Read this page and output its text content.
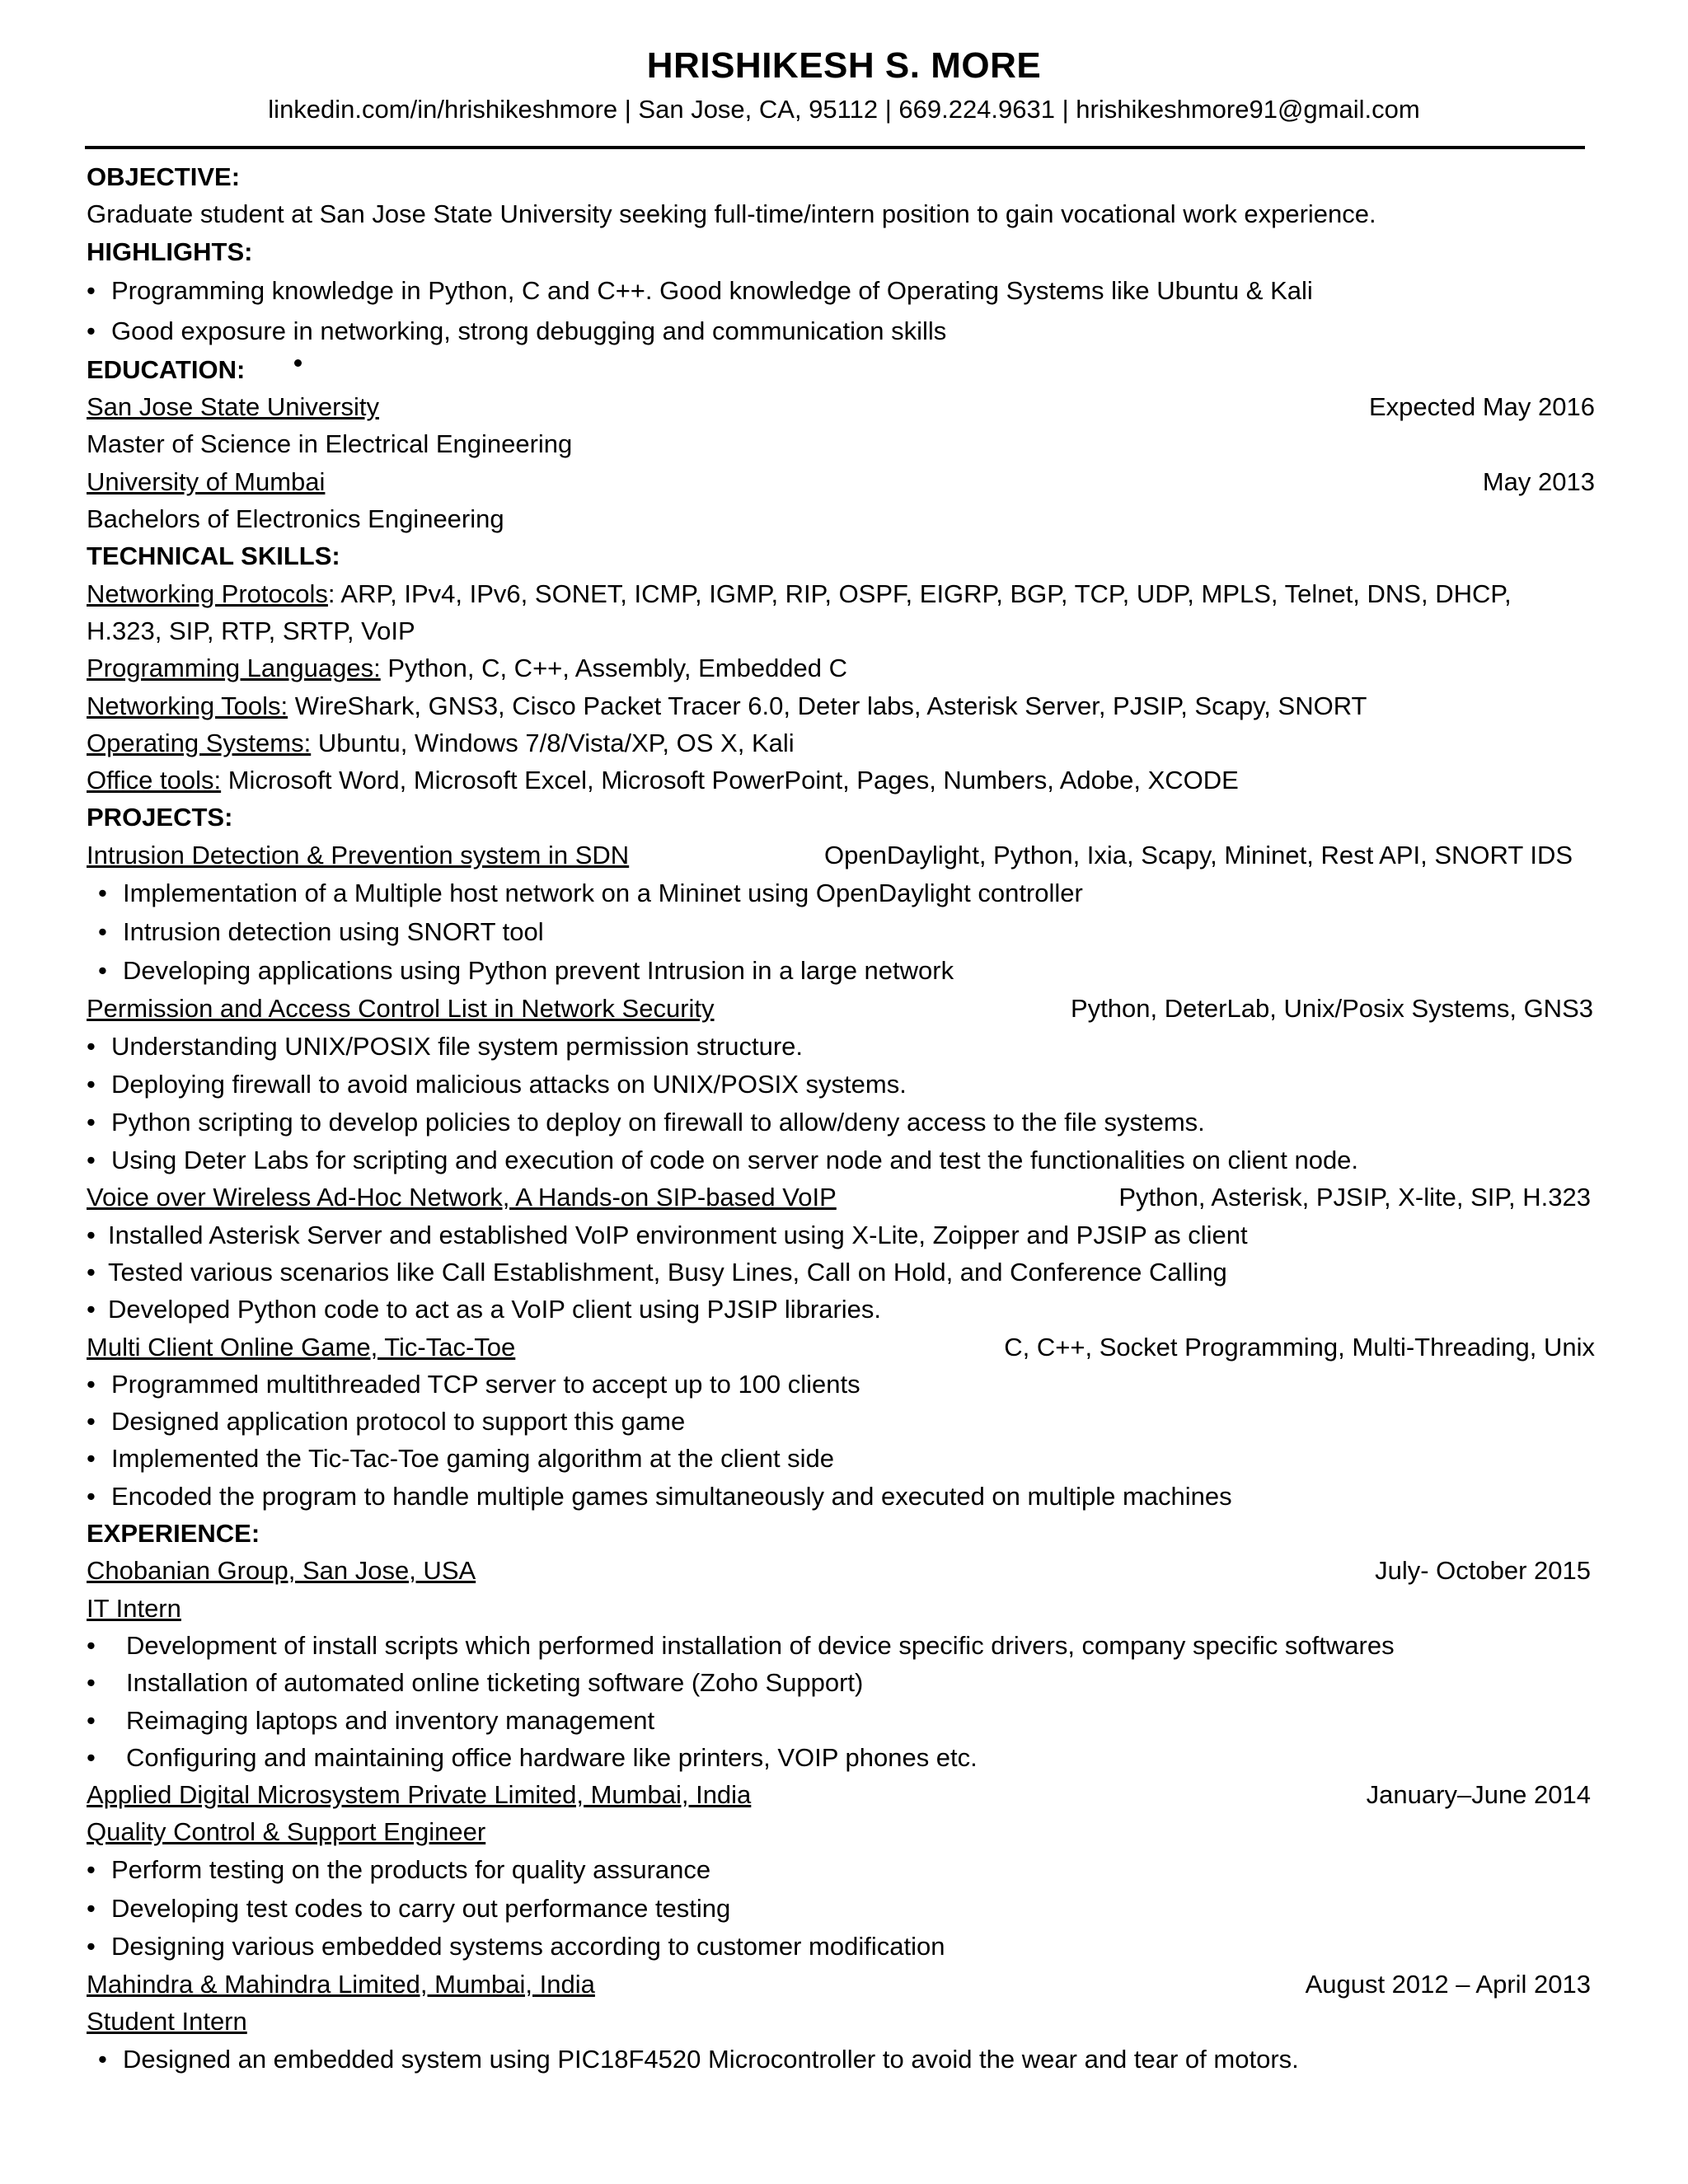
HRISHIKESH S. MORE
linkedin.com/in/hrishikeshmore | San Jose, CA, 95112 | 669.224.9631 | hrishikeshmore91@gmail.com
OBJECTIVE:
Graduate student at San Jose State University seeking full-time/intern position to gain vocational work experience.
HIGHLIGHTS:
• Programming knowledge in Python, C and C++. Good knowledge of Operating Systems like Ubuntu & Kali
• Good exposure in networking, strong debugging and communication skills
EDUCATION:
San Jose State University	Expected May 2016
Master of Science in Electrical Engineering
University of Mumbai	May 2013
Bachelors of Electronics Engineering
TECHNICAL SKILLS:
Networking Protocols : ARP, IPv4, IPv6, SONET, ICMP, IGMP, RIP, OSPF, EIGRP, BGP, TCP, UDP, MPLS, Telnet, DNS, DHCP,
H.323, SIP, RTP, SRTP, VoIP
Programming Languages: Python, C, C++, Assembly, Embedded C
Networking Tools: WireShark, GNS3, Cisco Packet Tracer 6.0, Deter labs, Asterisk Server, PJSIP, Scapy, SNORT
Operating Systems: Ubuntu, Windows 7/8/Vista/XP, OS X, Kali
Office tools: Microsoft Word, Microsoft Excel, Microsoft PowerPoint, Pages, Numbers, Adobe, XCODE
PROJECTS:
Intrusion Detection & Prevention system in SDN	OpenDaylight, Python, Ixia, Scapy, Mininet, Rest API, SNORT IDS
• Implementation of a Multiple host network on a Mininet using OpenDaylight controller
• Intrusion detection using SNORT tool
• Developing applications using Python prevent Intrusion in a large network
Permission and Access Control List in Network Security	Python, DeterLab, Unix/Posix Systems, GNS3
• Understanding UNIX/POSIX file system permission structure.
• Deploying firewall to avoid malicious attacks on UNIX/POSIX systems.
• Python scripting to develop policies to deploy on firewall to allow/deny access to the file systems.
• Using Deter Labs for scripting and execution of code on server node and test the functionalities on client node.
Voice over Wireless Ad-Hoc Network, A Hands-on SIP-based VoIP	Python, Asterisk, PJSIP, X-lite, SIP, H.323
• Installed Asterisk Server and established VoIP environment using X-Lite, Zoipper and PJSIP as client
• Tested various scenarios like Call Establishment, Busy Lines, Call on Hold, and Conference Calling
• Developed Python code to act as a VoIP client using PJSIP libraries.
Multi Client Online Game, Tic-Tac-Toe	C, C++, Socket Programming, Multi-Threading, Unix
• Programmed multithreaded TCP server to accept up to 100 clients
• Designed application protocol to support this game
• Implemented the Tic-Tac-Toe gaming algorithm at the client side
• Encoded the program to handle multiple games simultaneously and executed on multiple machines
EXPERIENCE:
Chobanian Group, San Jose, USA	July- October 2015
IT Intern
•	Development of install scripts which performed installation of device specific drivers, company specific softwares
•	Installation of automated online ticketing software (Zoho Support)
•	Reimaging laptops and inventory management
•	Configuring and maintaining office hardware like printers, VOIP phones etc.
Applied Digital Microsystem Private Limited, Mumbai, India	January–June 2014
Quality Control & Support Engineer
• Perform testing on the products for quality assurance
• Developing test codes to carry out performance testing
• Designing various embedded systems according to customer modification
Mahindra & Mahindra Limited, Mumbai, India	August 2012 – April 2013
Student Intern
• Designed an embedded system using PIC18F4520 Microcontroller to avoid the wear and tear of motors.
